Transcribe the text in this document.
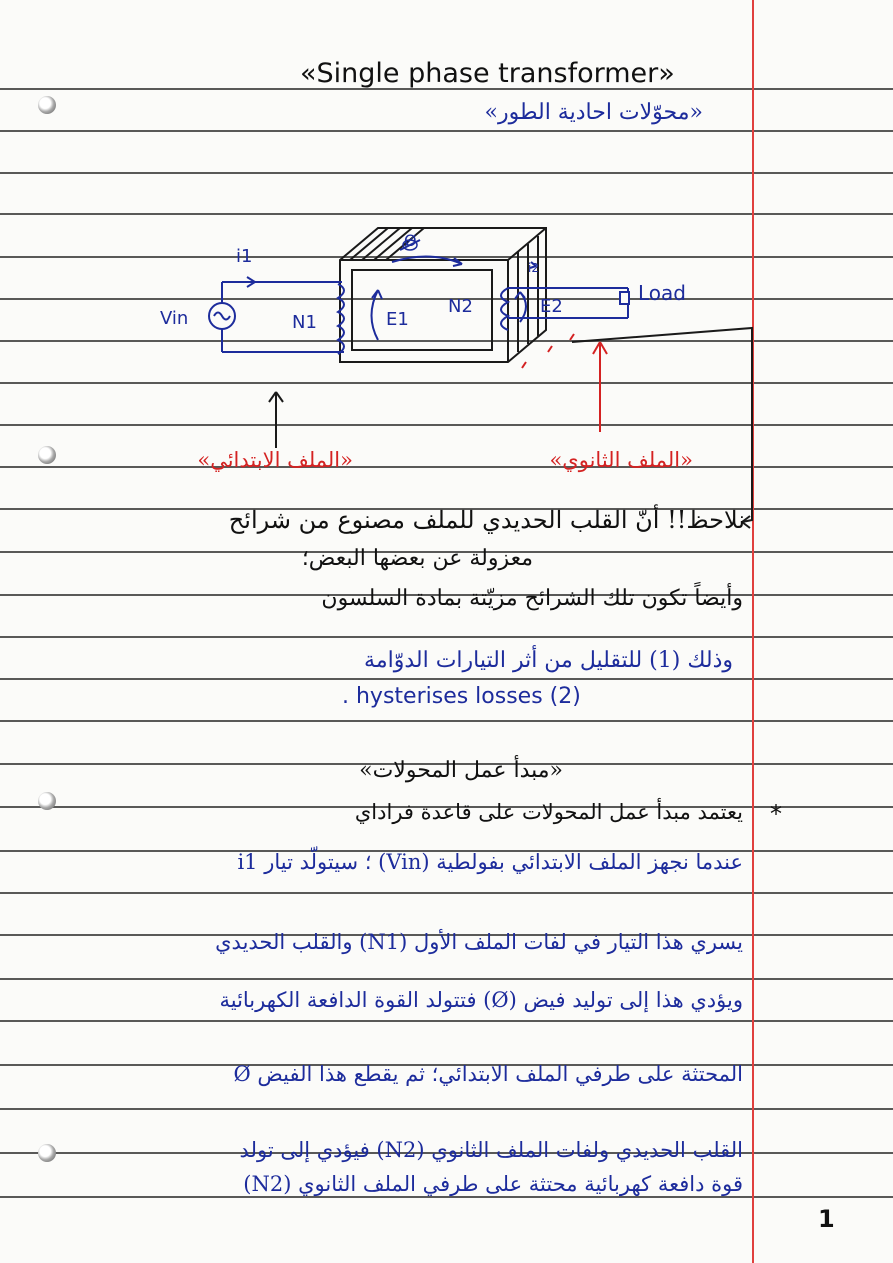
«Single phase transformer»
«محوّلات احادية الطور»
i1
i2
Ø
Vin	N1	E1
N2	E2
Load
«الملف الابتدائي»	«الملف الثانوي»
نلاحظ!! أنّ القلب الحديدي للملف مصنوع من شرائح
معزولة عن بعضها البعض؛
وأيضاً تكون تلك الشرائح مزيّتة بمادة السلسون
وذلك (1) للتقليل من أثر التيارات الدوّامة
. hysterises losses (2)
«مبدأ عمل المحولات»
يعتمد مبدأ عمل المحولات على قاعدة فراداي *
عندما نجهز الملف الابتدائي بفولطية (Vin) ؛ سيتولّد تيار i1
يسري هذا التيار في لفات الملف الأول (N1) والقلب الحديدي
ويؤدي هذا إلى توليد فيض (Ø) فتتولد القوة الدافعة الكهربائية
المحتثة على طرفي الملف الابتدائي؛ ثم يقطع هذا الفيض Ø
القلب الحديدي ولفات الملف الثانوي (N2) فيؤدي إلى تولد
قوة دافعة كهربائية محتثة على طرفي الملف الثانوي (N2)
1
